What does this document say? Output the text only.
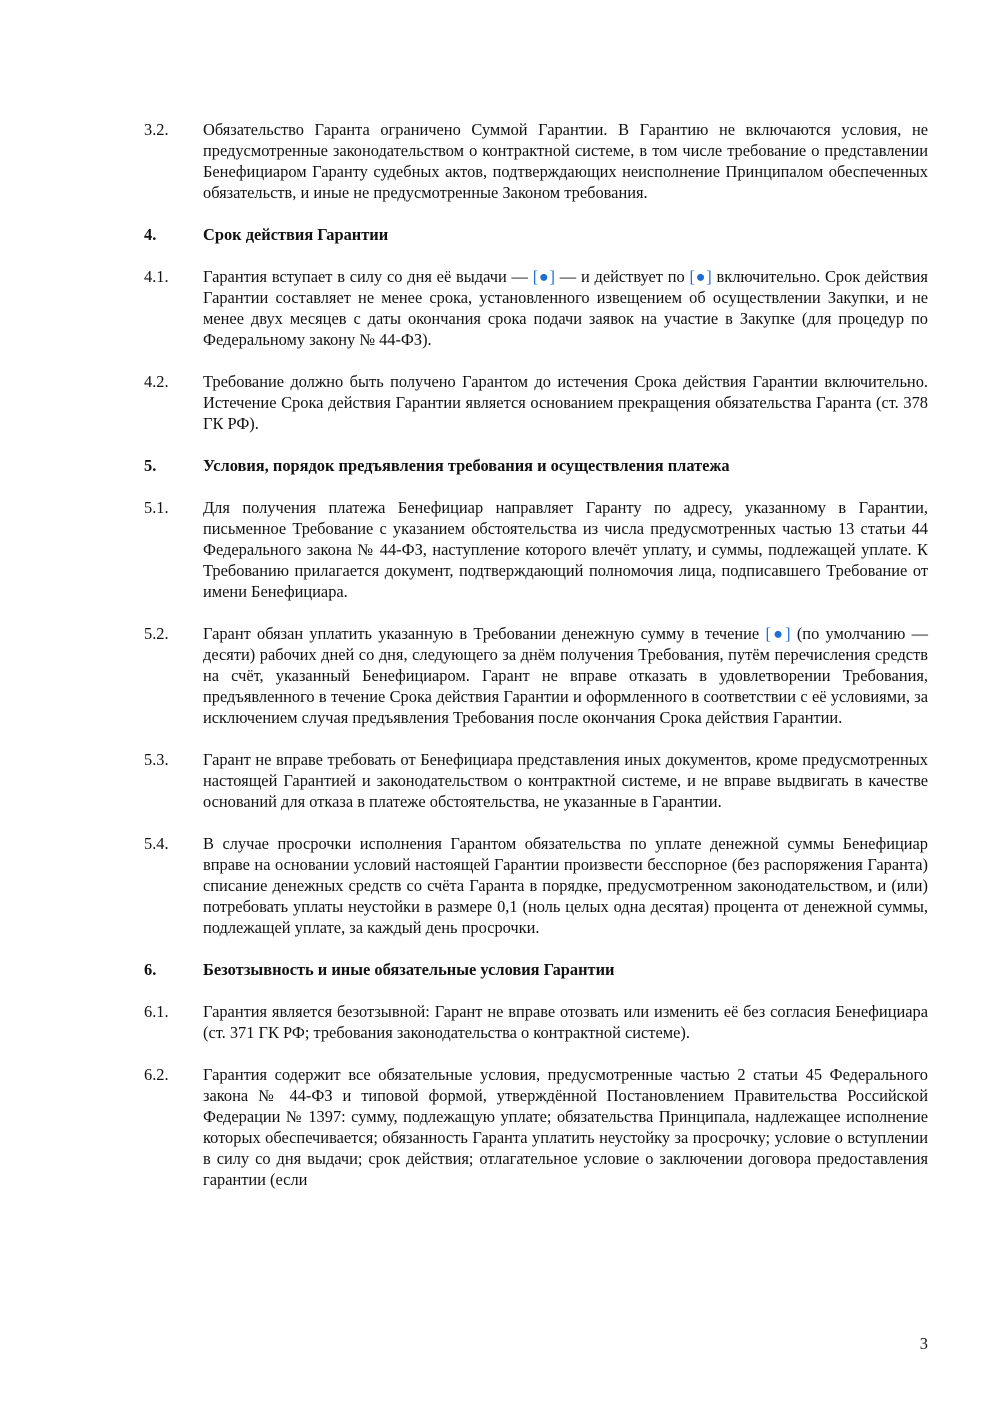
3.2.	Обязательство Гаранта ограничено Суммой Гарантии. В Гарантию не включаются условия, не предусмотренные законодательством о контрактной системе, в том числе требование о представлении Бенефициаром Гаранту судебных актов, подтверждающих неисполнение Принципалом обеспеченных обязательств, и иные не предусмотренные Законом требования.
4.	Срок действия Гарантии
4.1.	Гарантия вступает в силу со дня её выдачи — [●] — и действует по [●] включительно. Срок действия Гарантии составляет не менее срока, установленного извещением об осуществлении Закупки, и не менее двух месяцев с даты окончания срока подачи заявок на участие в Закупке (для процедур по Федеральному закону № 44-ФЗ).
4.2.	Требование должно быть получено Гарантом до истечения Срока действия Гарантии включительно. Истечение Срока действия Гарантии является основанием прекращения обязательства Гаранта (ст. 378 ГК РФ).
5.	Условия, порядок предъявления требования и осуществления платежа
5.1.	Для получения платежа Бенефициар направляет Гаранту по адресу, указанному в Гарантии, письменное Требование с указанием обстоятельства из числа предусмотренных частью 13 статьи 44 Федерального закона № 44-ФЗ, наступление которого влечёт уплату, и суммы, подлежащей уплате. К Требованию прилагается документ, подтверждающий полномочия лица, подписавшего Требование от имени Бенефициара.
5.2.	Гарант обязан уплатить указанную в Требовании денежную сумму в течение [●] (по умолчанию — десяти) рабочих дней со дня, следующего за днём получения Требования, путём перечисления средств на счёт, указанный Бенефициаром. Гарант не вправе отказать в удовлетворении Требования, предъявленного в течение Срока действия Гарантии и оформленного в соответствии с её условиями, за исключением случая предъявления Требования после окончания Срока действия Гарантии.
5.3.	Гарант не вправе требовать от Бенефициара представления иных документов, кроме предусмотренных настоящей Гарантией и законодательством о контрактной системе, и не вправе выдвигать в качестве оснований для отказа в платеже обстоятельства, не указанные в Гарантии.
5.4.	В случае просрочки исполнения Гарантом обязательства по уплате денежной суммы Бенефициар вправе на основании условий настоящей Гарантии произвести бесспорное (без распоряжения Гаранта) списание денежных средств со счёта Гаранта в порядке, предусмотренном законодательством, и (или) потребовать уплаты неустойки в размере 0,1 (ноль целых одна десятая) процента от денежной суммы, подлежащей уплате, за каждый день просрочки.
6.	Безотзывность и иные обязательные условия Гарантии
6.1.	Гарантия является безотзывной: Гарант не вправе отозвать или изменить её без согласия Бенефициара (ст. 371 ГК РФ; требования законодательства о контрактной системе).
6.2.	Гарантия содержит все обязательные условия, предусмотренные частью 2 статьи 45 Федерального закона № 44-ФЗ и типовой формой, утверждённой Постановлением Правительства Российской Федерации № 1397: сумму, подлежащую уплате; обязательства Принципала, надлежащее исполнение которых обеспечивается; обязанность Гаранта уплатить неустойку за просрочку; условие о вступлении в силу со дня выдачи; срок действия; отлагательное условие о заключении договора предоставления гарантии (если
3
